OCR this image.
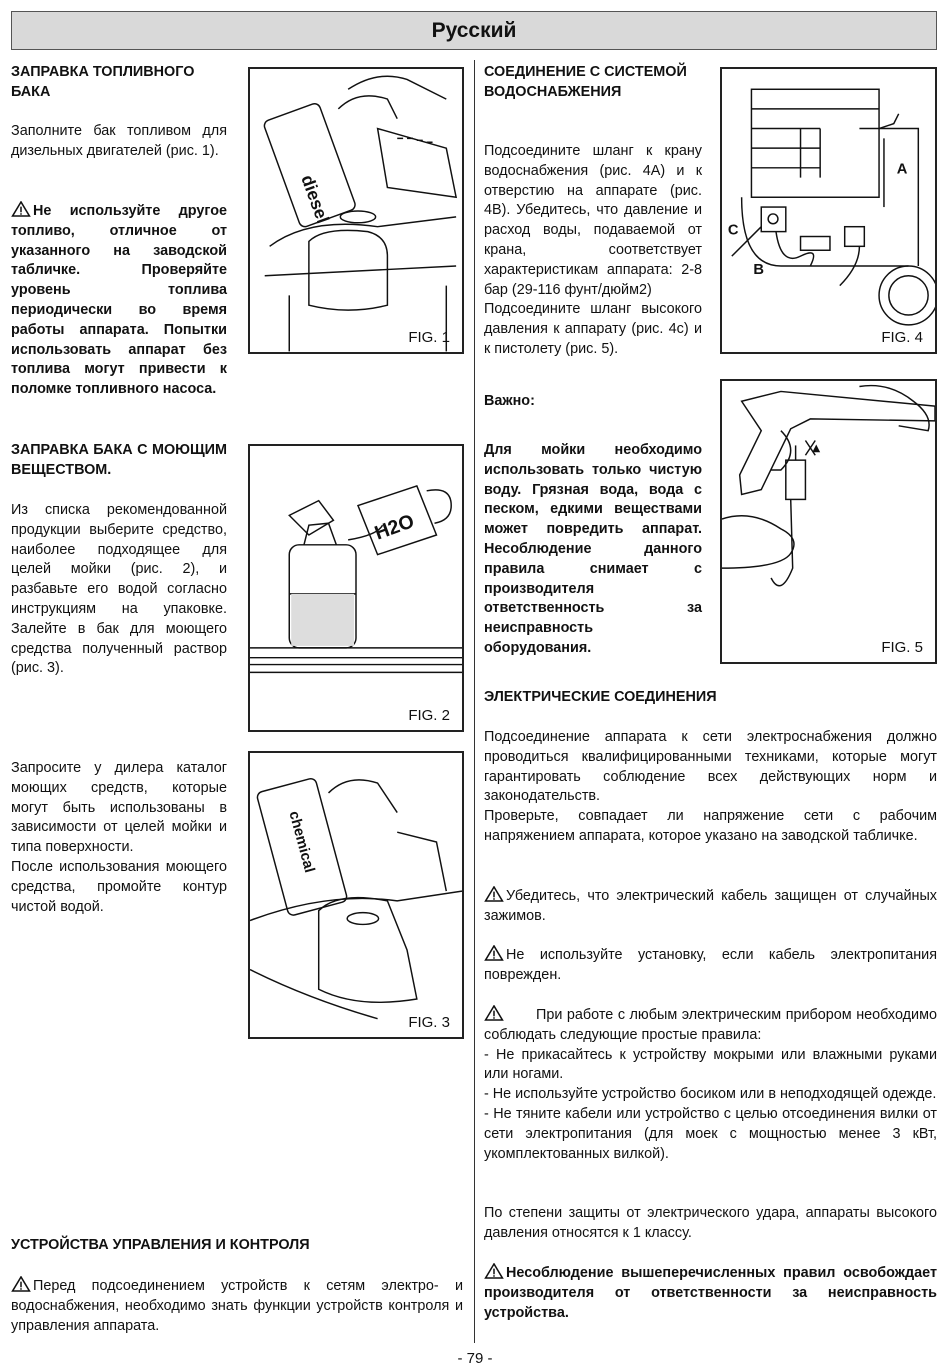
Русский
ЗАПРАВКА ТОПЛИВНОГО БАКА
Заполните бак топливом для дизельных двигателей (рис. 1).
Не используйте другое топливо, отличное от указанного на заводской табличке. Проверяйте уровень топлива периодически во время работы аппарата. Попытки использовать аппарат без топлива могут привести к поломке топливного насоса.
ЗАПРАВКА БАКА С МОЮЩИМ ВЕЩЕСТВОМ.
Из списка рекомендованной продукции выберите средство, наиболее подходящее для целей мойки (рис. 2), и разбавьте его водой согласно инструкциям на упаковке. Залейте в бак для моющего средства полученный раствор (рис. 3).
Запросите у дилера каталог моющих средств, которые могут быть использованы в зависимости от целей мойки и типа поверхности.
После использования моющего средства, промойте контур чистой водой.
УСТРОЙСТВА УПРАВЛЕНИЯ И КОНТРОЛЯ
Перед подсоединением устройств к сетям электро- и водоснабжения, необходимо знать функции устройств контроля и управления аппарата.
diesel
FIG. 1
H2O
FIG. 2
chemical
FIG. 3
СОЕДИНЕНИЕ С СИСТЕМОЙ ВОДОСНАБЖЕНИЯ
Подсоедините шланг к крану водоснабжения (рис. 4А) и к отверстию на аппарате (рис. 4В). Убедитесь, что давление и расход воды, подаваемой от крана, соответствует характеристикам аппарата: 2-8 бар (29-116 фунт/дюйм2)
Подсоедините шланг высокого давления к аппарату (рис. 4с) и к пистолету (рис. 5).
Важно:
Для мойки необходимо использовать только чистую воду. Грязная вода, вода с песком, едкими веществами может повредить аппарат. Несоблюдение данного правила снимает с производителя ответственность за неисправность оборудования.
ЭЛЕКТРИЧЕСКИЕ СОЕДИНЕНИЯ
Подсоединение аппарата к сети электроснабжения должно проводиться квалифицированными техниками, которые могут гарантировать соблюдение всех действующих норм и законодательств.
Проверьте, совпадает ли напряжение сети с рабочим напряжением аппарата, которое указано на заводской табличке.
Убедитесь, что электрический кабель защищен от случайных зажимов.
Не используйте установку, если кабель электропитания поврежден.
При работе с любым электрическим прибором необходимо соблюдать следующие простые правила:
- Не прикасайтесь к устройству мокрыми или влажными руками или ногами.
- Не используйте устройство босиком или в неподходящей одежде.
- Не тяните кабели или устройство с целью отсоединения вилки от сети электропитания (для моек с мощностью менее 3 кВт, укомплектованных вилкой).
По степени защиты от электрического удара, аппараты высокого давления относятся к 1 классу.
Несоблюдение вышеперечисленных правил освобождает производителя от ответственности за неисправность устройства.
A
B
C
FIG. 4
FIG. 5
- 79 -
